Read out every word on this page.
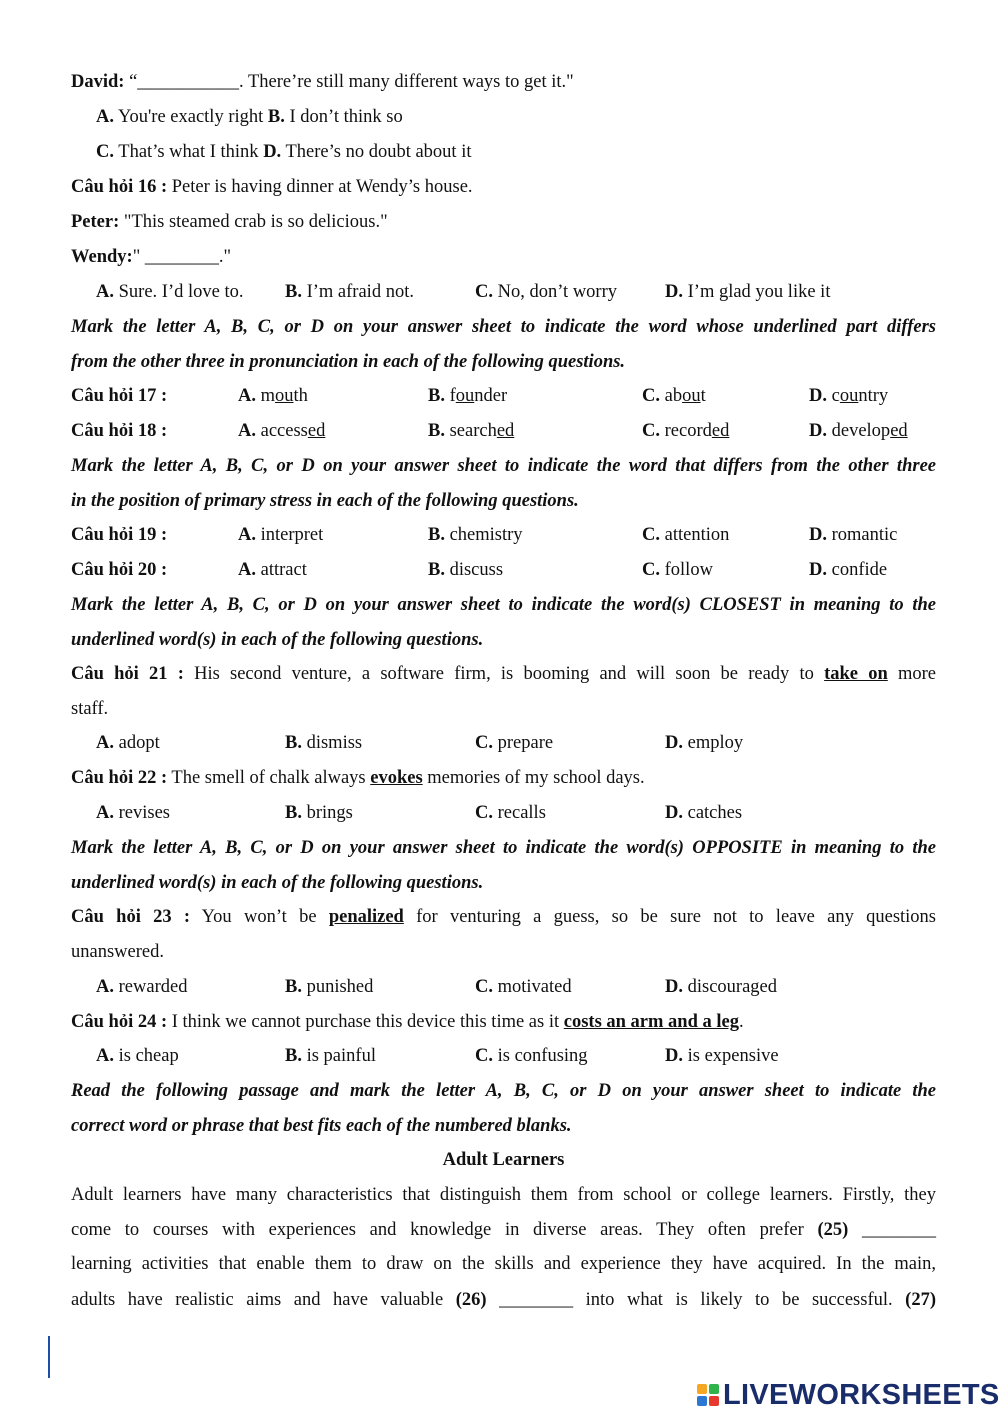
David: “___________. There’re still many different ways to get it."
A. You're exactly right B. I don’t think so
C. That’s what I think D. There’s no doubt about it
Câu hỏi 16 : Peter is having dinner at Wendy’s house.
Peter: "This steamed crab is so delicious."
Wendy:" ________."
A. Sure. I’d love to. B. I’m afraid not.	C. No, don’t worry	D. I’m glad you like it
Mark the letter A, B, C, or D on your answer sheet to indicate the word whose underlined part differs
from the other three in pronunciation in each of the following questions.
Câu hỏi 17 :	A. mouth	B. founder	C. about	D. country
Câu hỏi 18 :	A. accessed	B. searched	C. recorded	D. developed
Mark the letter A, B, C, or D on your answer sheet to indicate the word that differs from the other three
in the position of primary stress in each of the following questions.
Câu hỏi 19 :	A. interpret	B. chemistry	C. attention	D. romantic
Câu hỏi 20 :	A. attract	B. discuss	C. follow	D. confide
Mark the letter A, B, C, or D on your answer sheet to indicate the word(s) CLOSEST in meaning to the
underlined word(s) in each of the following questions.
Câu hỏi 21 : His second venture, a software firm, is booming and will soon be ready to take on more
staff.
A. adopt	B. dismiss	C. prepare	D. employ
Câu hỏi 22 : The smell of chalk always evokes memories of my school days.
A. revises	B. brings	C. recalls	D. catches
Mark the letter A, B, C, or D on your answer sheet to indicate the word(s) OPPOSITE in meaning to the
underlined word(s) in each of the following questions.
Câu hỏi 23 : You won’t be penalized for venturing a guess, so be sure not to leave any questions
unanswered.
A. rewarded	B. punished	C. motivated	D. discouraged
Câu hỏi 24 : I think we cannot purchase this device this time as it costs an arm and a leg.
A. is cheap	B. is painful	C. is confusing	D. is expensive
Read the following passage and mark the letter A, B, C, or D on your answer sheet to indicate the
correct word or phrase that best fits each of the numbered blanks.
Adult Learners
Adult learners have many characteristics that distinguish them from school or college learners. Firstly, they
come to courses with experiences and knowledge in diverse areas. They often prefer (25) ________
learning activities that enable them to draw on the skills and experience they have acquired. In the main,
adults have realistic aims and have valuable (26) ________ into what is likely to be successful. (27)
LIVEWORKSHEETS
